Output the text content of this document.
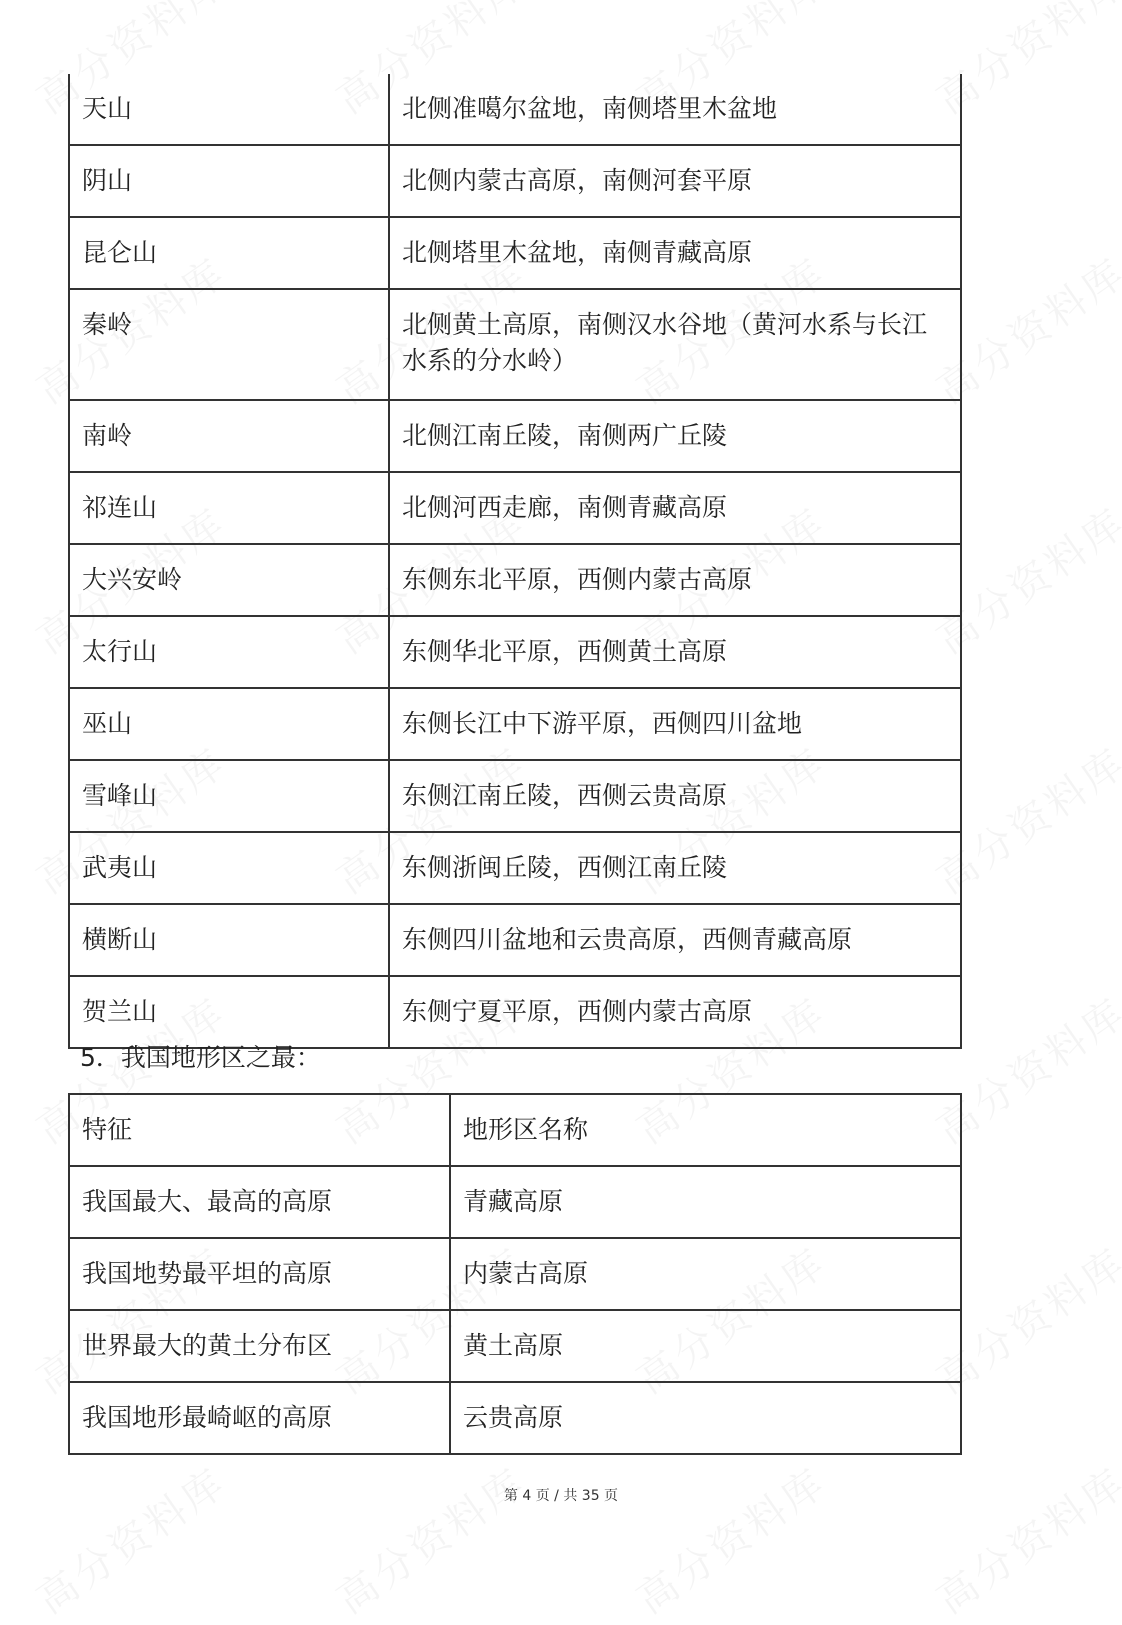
天山	北侧准噶尔盆地，南侧塔里木盆地
阴山	北侧内蒙古高原，南侧河套平原
昆仑山	北侧塔里木盆地，南侧青藏高原
秦岭	北侧黄土高原，南侧汉水谷地（黄河水系与长江水系的分水岭）
南岭	北侧江南丘陵，南侧两广丘陵
祁连山	北侧河西走廊，南侧青藏高原
大兴安岭	东侧东北平原，西侧内蒙古高原
太行山	东侧华北平原，西侧黄土高原
巫山	东侧长江中下游平原，西侧四川盆地
雪峰山	东侧江南丘陵，西侧云贵高原
武夷山	东侧浙闽丘陵，西侧江南丘陵
横断山	东侧四川盆地和云贵高原，西侧青藏高原
贺兰山	东侧宁夏平原，西侧内蒙古高原
5．我国地形区之最：
特征	地形区名称
我国最大、最高的高原	青藏高原
我国地势最平坦的高原	内蒙古高原
世界最大的黄土分布区	黄土高原
我国地形最崎岖的高原	云贵高原
第 4 页 / 共 35 页
